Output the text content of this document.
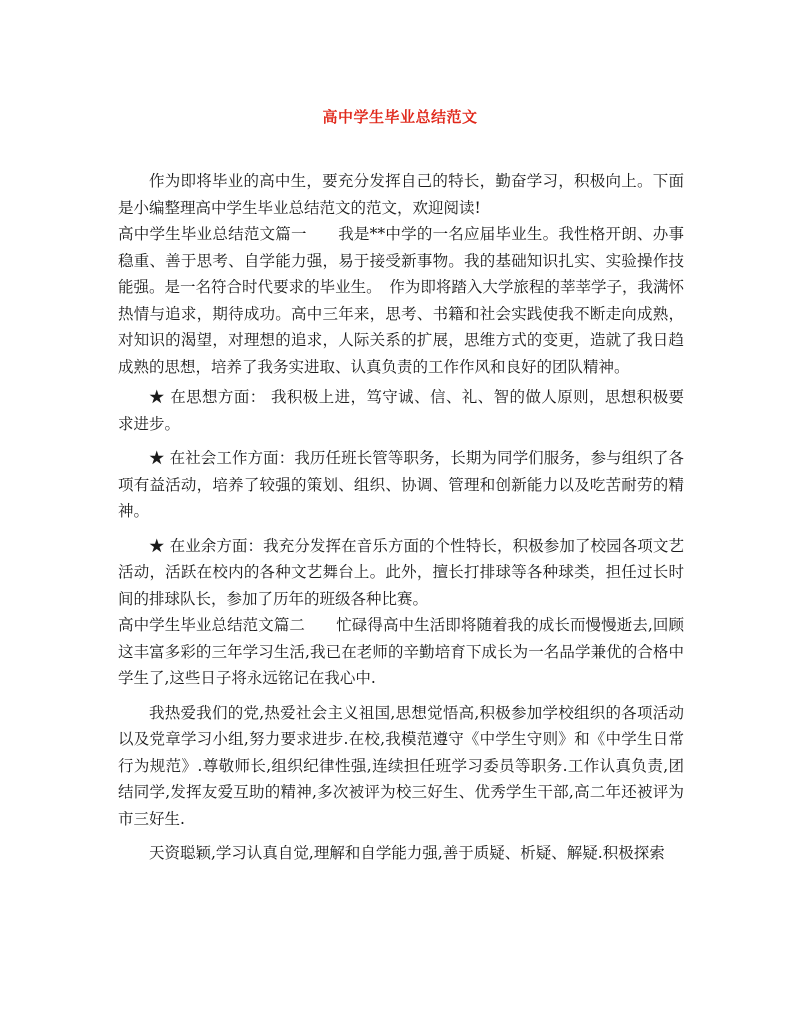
高中学生毕业总结范文

作为即将毕业的高中生，要充分发挥自己的特长，勤奋学习，积极向上。下面是小编整理高中学生毕业总结范文的范文，欢迎阅读!

高中学生毕业总结范文篇一　　我是**中学的一名应届毕业生。我性格开朗、办事稳重、善于思考、自学能力强，易于接受新事物。我的基础知识扎实、实验操作技能强。是一名符合时代要求的毕业生。　作为即将踏入大学旅程的莘莘学子，我满怀热情与追求，期待成功。高中三年来，思考、书籍和社会实践使我不断走向成熟，对知识的渴望，对理想的追求，人际关系的扩展，思维方式的变更，造就了我日趋成熟的思想，培养了我务实进取、认真负责的工作作风和良好的团队精神。

★ 在思想方面： 我积极上进，笃守诚、信、礼、智的做人原则，思想积极要求进步。

★ 在社会工作方面：我历任班长管等职务，长期为同学们服务，参与组织了各项有益活动，培养了较强的策划、组织、协调、管理和创新能力以及吃苦耐劳的精神。

★ 在业余方面：我充分发挥在音乐方面的个性特长，积极参加了校园各项文艺活动，活跃在校内的各种文艺舞台上。此外，擅长打排球等各种球类，担任过长时间的排球队长，参加了历年的班级各种比赛。

高中学生毕业总结范文篇二　　忙碌得高中生活即将随着我的成长而慢慢逝去,回顾这丰富多彩的三年学习生活,我已在老师的辛勤培育下成长为一名品学兼优的合格中学生了,这些日子将永远铭记在我心中.

我热爱我们的党,热爱社会主义祖国,思想觉悟高,积极参加学校组织的各项活动以及党章学习小组,努力要求进步.在校,我模范遵守《中学生守则》和《中学生日常行为规范》.尊敬师长,组织纪律性强,连续担任班学习委员等职务.工作认真负责,团结同学,发挥友爱互助的精神,多次被评为校三好生、优秀学生干部,高二年还被评为市三好生.

天资聪颖,学习认真自觉,理解和自学能力强,善于质疑、析疑、解疑.积极探索
